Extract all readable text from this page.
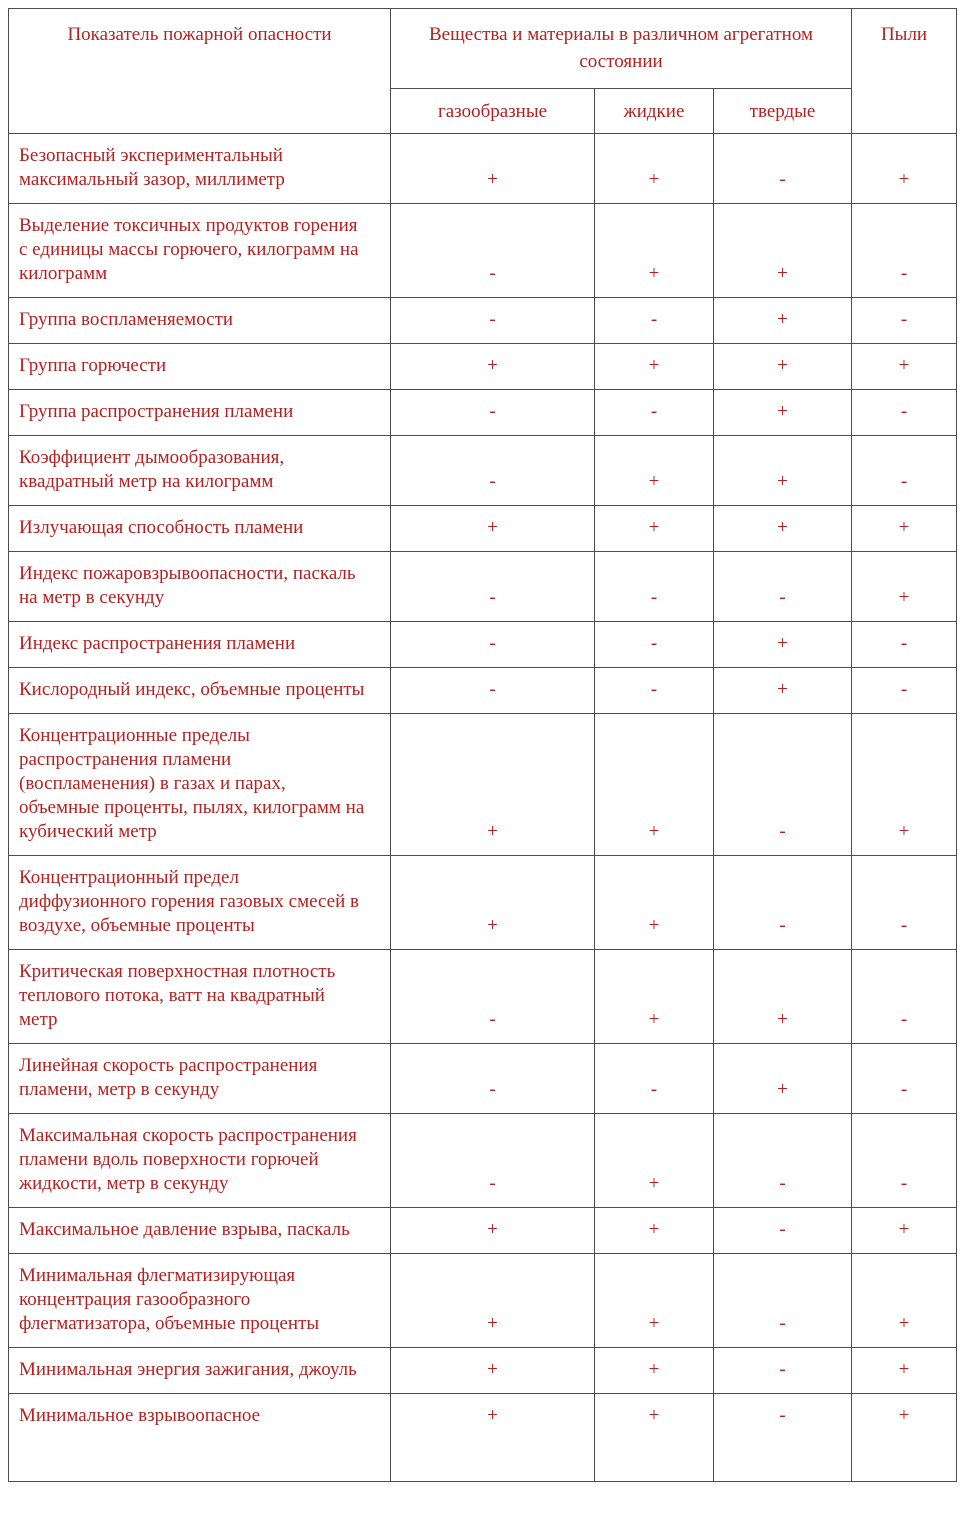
Показатель пожарной опасности	Вещества и материалы в различном агрегатном состоянии			Пыли
	газообразные	жидкие	твердые	
Безопасный экспериментальный максимальный зазор, миллиметр	+	+	-	+
Выделение токсичных продуктов горения с единицы массы горючего, килограмм на килограмм	-	+	+	-
Группа воспламеняемости	-	-	+	-
Группа горючести	+	+	+	+
Группа распространения пламени	-	-	+	-
Коэффициент дымообразования, квадратный метр на килограмм	-	+	+	-
Излучающая способность пламени	+	+	+	+
Индекс пожаровзрывоопасности, паскаль на метр в секунду	-	-	-	+
Индекс распространения пламени	-	-	+	-
Кислородный индекс, объемные проценты	-	-	+	-
Концентрационные пределы распространения пламени (воспламенения) в газах и парах, объемные проценты, пылях, килограмм на кубический метр	+	+	-	+
Концентрационный предел диффузионного горения газовых смесей в воздухе, объемные проценты	+	+	-	-
Критическая поверхностная плотность теплового потока, ватт на квадратный метр	-	+	+	-
Линейная скорость распространения пламени, метр в секунду	-	-	+	-
Максимальная скорость распространения пламени вдоль поверхности горючей жидкости, метр в секунду	-	+	-	-
Максимальное давление взрыва, паскаль	+	+	-	+
Минимальная флегматизирующая концентрация газообразного флегматизатора, объемные проценты	+	+	-	+
Минимальная энергия зажигания, джоуль	+	+	-	+
Минимальное взрывоопасное	+	+	-	+
